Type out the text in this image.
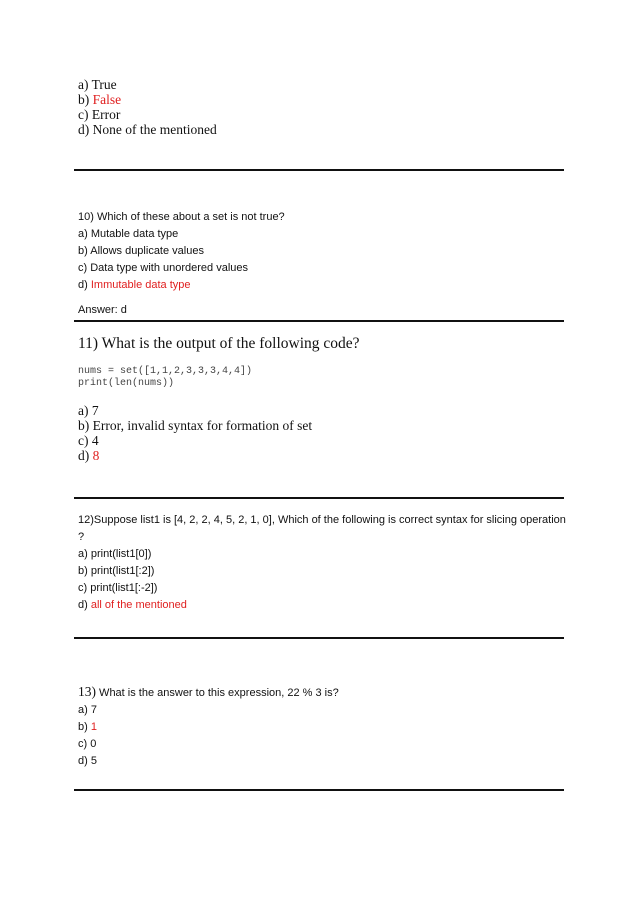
a) True
b) False
c) Error
d) None of the mentioned
10) Which of these about a set is not true?
a) Mutable data type
b) Allows duplicate values
c) Data type with unordered values
d) Immutable data type
Answer: d
11) What is the output of the following code?
nums = set([1,1,2,3,3,3,4,4])
print(len(nums))
a) 7
b) Error, invalid syntax for formation of set
c) 4
d) 8
12)Suppose list1 is [4, 2, 2, 4, 5, 2, 1, 0], Which of the following is correct syntax for slicing operation
?
a) print(list1[0])
b) print(list1[:2])
c) print(list1[:-2])
d) all of the mentioned
13) What is the answer to this expression, 22 % 3 is?
a) 7
b) 1
c) 0
d) 5
